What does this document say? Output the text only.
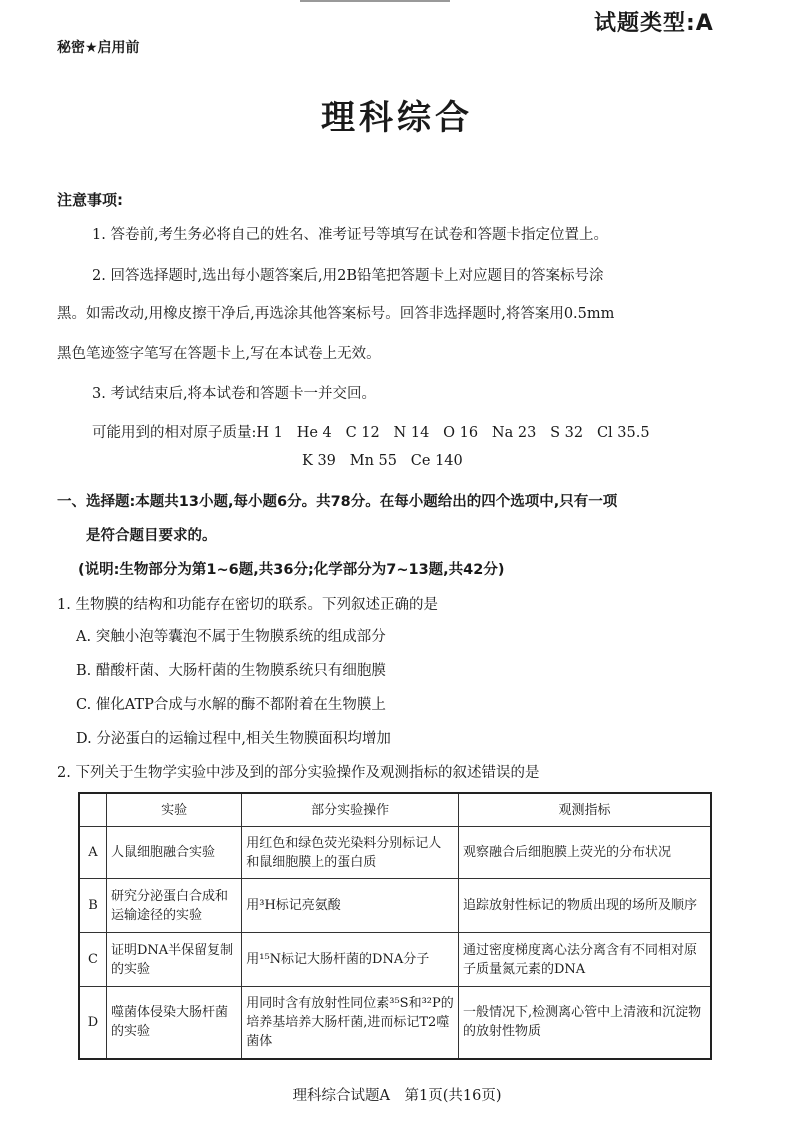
秘密★启用前
试题类型:A
理科综合
注意事项:
1. 答卷前,考生务必将自己的姓名、准考证号等填写在试卷和答题卡指定位置上。
2. 回答选择题时,选出每小题答案后,用2B铅笔把答题卡上对应题目的答案标号涂
黑。如需改动,用橡皮擦干净后,再选涂其他答案标号。回答非选择题时,将答案用0.5mm
黑色笔迹签字笔写在答题卡上,写在本试卷上无效。
3. 考试结束后,将本试卷和答题卡一并交回。
可能用到的相对原子质量:H 1   He 4   C 12   N 14   O 16   Na 23   S 32   Cl 35.5
K 39   Mn 55   Ce 140
一、选择题:本题共13小题,每小题6分。共78分。在每小题给出的四个选项中,只有一项
是符合题目要求的。
(说明:生物部分为第1~6题,共36分;化学部分为7~13题,共42分)
1. 生物膜的结构和功能存在密切的联系。下列叙述正确的是
A. 突触小泡等囊泡不属于生物膜系统的组成部分
B. 醋酸杆菌、大肠杆菌的生物膜系统只有细胞膜
C. 催化ATP合成与水解的酶不都附着在生物膜上
D. 分泌蛋白的运输过程中,相关生物膜面积均增加
2. 下列关于生物学实验中涉及到的部分实验操作及观测指标的叙述错误的是
	实验	部分实验操作	观测指标
A	人鼠细胞融合实验	用红色和绿色荧光染料分别标记人和鼠细胞膜上的蛋白质	观察融合后细胞膜上荧光的分布状况
B	研究分泌蛋白合成和运输途径的实验	用³H标记亮氨酸	追踪放射性标记的物质出现的场所及顺序
C	证明DNA半保留复制的实验	用¹⁵N标记大肠杆菌的DNA分子	通过密度梯度离心法分离含有不同相对原子质量氮元素的DNA
D	噬菌体侵染大肠杆菌的实验	用同时含有放射性同位素³⁵S和³²P的培养基培养大肠杆菌,进而标记T2噬菌体	一般情况下,检测离心管中上清液和沉淀物的放射性物质
理科综合试题A　第1页(共16页)
